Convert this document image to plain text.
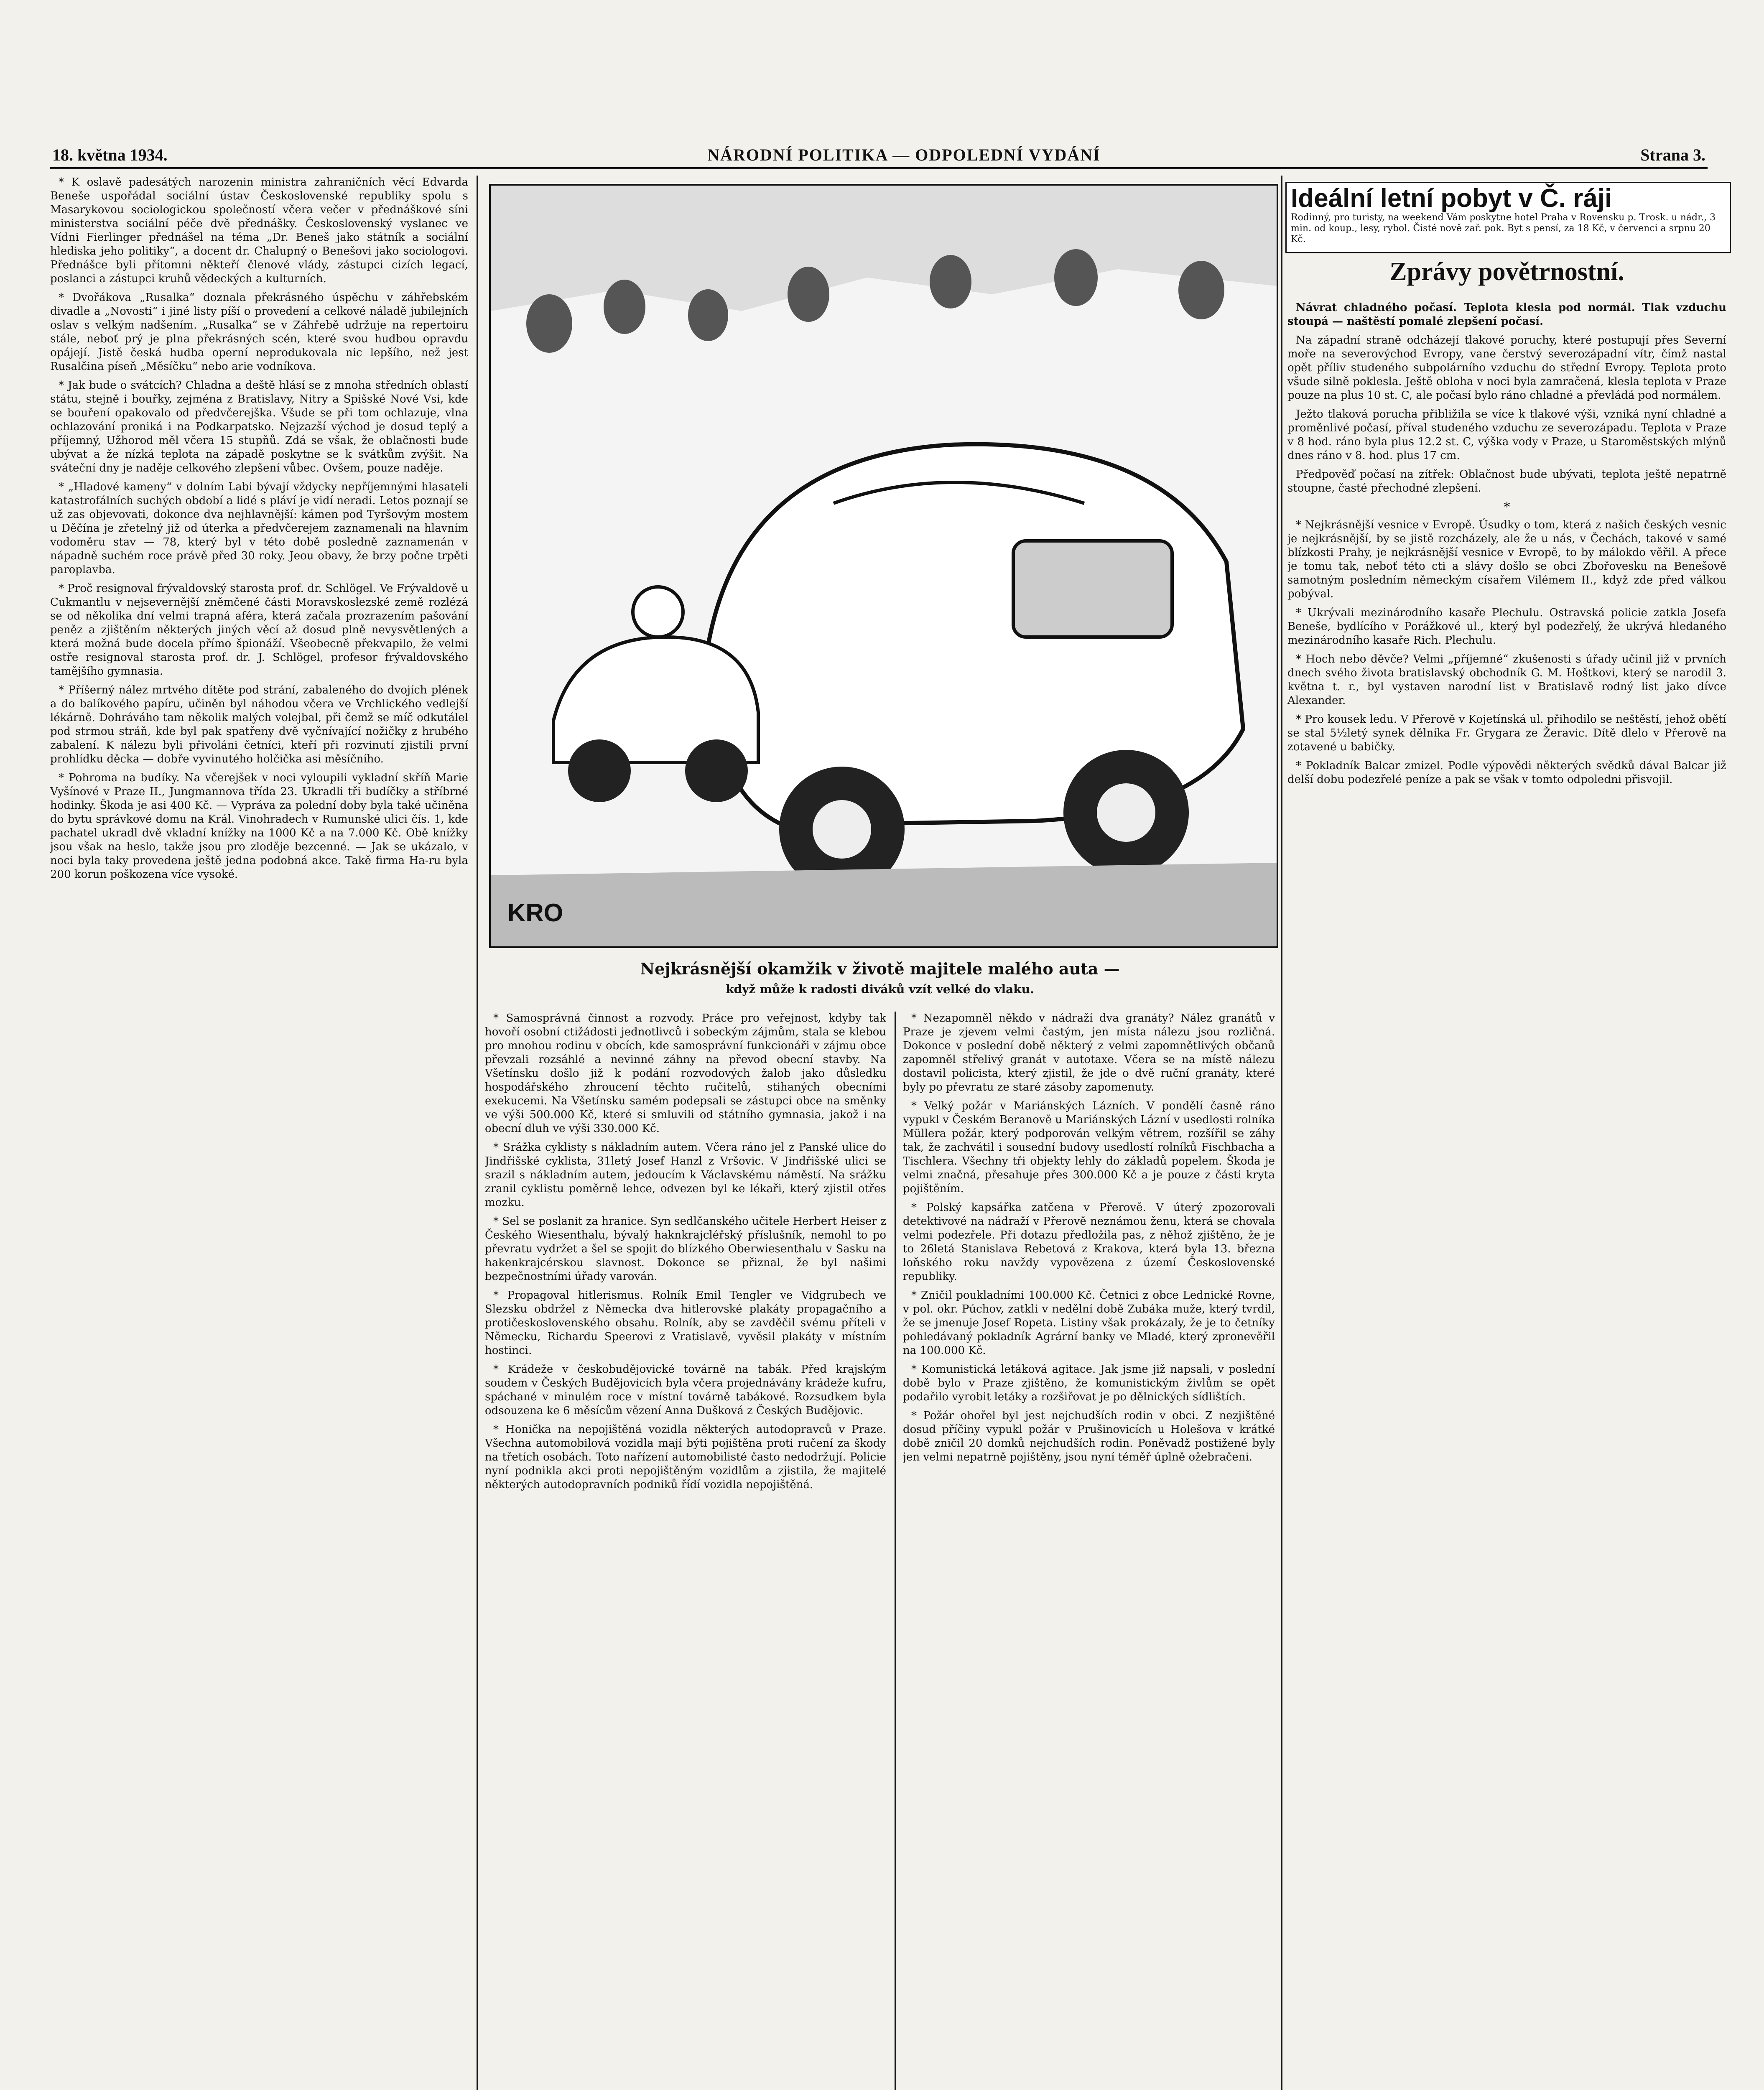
18. května 1934.	NÁRODNÍ POLITIKA — ODPOLEDNÍ VYDÁNÍ	Strana 3.

* K oslavě padesátých narozenin ministra zahraničních věcí Edvarda Beneše uspořádal sociální ústav Československé republiky spolu s Masarykovou sociologickou společností včera večer v přednáškové síni ministerstva sociální péče dvě přednášky. Československý vyslanec ve Vídni Fierlinger přednášel na téma „Dr. Beneš jako státník a sociální hlediska jeho politiky“, a docent dr. Chalupný o Benešovi jako sociologovi. Přednášce byli přítomni někteří členové vlády, zástupci cizích legací, poslanci a zástupci kruhů vědeckých a kulturních.

* Dvořákova „Rusalka“ doznala překrásného úspěchu v záhřebském divadle a „Novosti“ i jiné listy píší o provedení a celkové náladě jubilejních oslav s velkým nadšením. „Rusalka“ se v Záhřebě udržuje na repertoiru stále, neboť prý je plna překrásných scén, které svou hudbou opravdu opájejí. Jistě česká hudba operní neprodukovala nic lepšího, než jest Rusalčina píseň „Měsíčku“ nebo arie vodníkova.

* Jak bude o svátcích? Chladna a deště hlásí se z mnoha středních oblastí státu, stejně i bouřky, zejména z Bratislavy, Nitry a Spišské Nové Vsi, kde se bouření opakovalo od předvčerejška. Všude se při tom ochlazuje, vlna ochlazování proniká i na Podkarpatsko. Nejzazší východ je dosud teplý a příjemný, Užhorod měl včera 15 stupňů. Zdá se však, že oblačnosti bude ubývat a že nízká teplota na západě poskytne se k svátkům zvýšit. Na sváteční dny je naděje celkového zlepšení vůbec. Ovšem, pouze naděje.

* „Hladové kameny“ v dolním Labi bývají vždycky nepříjemnými hlasateli katastrofálních suchých období a lidé s pláví je vidí neradi. Letos poznají se už zas objevovati, dokonce dva nejhlavnější: kámen pod Tyršovým mostem u Děčína je zřetelný již od úterka a předvčerejem zaznamenali na hlavním vodoměru stav — 78, který byl v této době posledně zaznamenán v nápadně suchém roce právě před 30 roky. Jeou obavy, že brzy počne trpěti paroplavba.

* Proč resignoval frývaldovský starosta prof. dr. Schlögel. Ve Frývaldově u Cukmantlu v nejsevernější zněmčené části Moravskoslezské země rozlézá se od několika dní velmi trapná aféra, která začala prozrazením pašování peněz a zjištěním některých jiných věcí až dosud plně nevysvětlených a která možná bude docela přímo špionáží. Všeobecně překvapilo, že velmi ostře resignoval starosta prof. dr. J. Schlögel, profesor frývaldovského tamějšího gymnasia.

* Příšerný nález mrtvého dítěte pod strání, zabaleného do dvojích plének a do balíkového papíru, učiněn byl náhodou včera ve Vrchlického vedlejší lékárně. Dohráváho tam několik malých volejbal, při čemž se míč odkutálel pod strmou stráň, kde byl pak spatřeny dvě vyčnívající nožičky z hrubého zabalení. K nálezu byli přivoláni četníci, kteří při rozvinutí zjistili první prohlídku děcka — dobře vyvinutého holčička asi měsíčního.

* Pohroma na budíky. Na včerejšek v noci vyloupili vykladní skříň Marie Vyšínové v Praze II., Jungmannova třída 23. Ukradli tři budíčky a stříbrné hodinky. Škoda je asi 400 Kč. — Vypráva za polední doby byla také učiněna do bytu správkové domu na Král. Vinohradech v Rumunské ulici čís. 1, kde pachatel ukradl dvě vkladní knížky na 1000 Kč a na 7.000 Kč. Obě knížky jsou však na heslo, takže jsou pro zloděje bezcenné. — Jak se ukázalo, v noci byla taky provedena ještě jedna podobná akce. Takě firma Ha-ru byla 200 korun poškozena více vysoké.

KRO
Nejkrásnější okamžik v životě majitele malého auta —
když může k radosti diváků vzít velké do vlaku.

* Samosprávná činnost a rozvody. Práce pro veřejnost, kdyby tak hovoří osobní ctižádosti jednotlivců i sobeckým zájmům, stala se klebou pro mnohou rodinu v obcích, kde samosprávní funkcionáři v zájmu obce převzali rozsáhlé a nevinné záhny na převod obecní stavby. Na Všetínsku došlo již k podání rozvodových žalob jako důsledku hospodářského zhroucení těchto ručitelů, stihaných obecními exekucemi. Na Všetínsku samém podepsali se zástupci obce na směnky ve výši 500.000 Kč, které si smluvili od státního gymnasia, jakož i na obecní dluh ve výši 330.000 Kč.

* Srážka cyklisty s nákladním autem. Včera ráno jel z Panské ulice do Jindřišské cyklista, 31letý Josef Hanzl z Vršovic. V Jindřišské ulici se srazil s nákladním autem, jedoucím k Václavskému náměstí. Na srážku zranil cyklistu poměrně lehce, odvezen byl ke lékaři, který zjistil otřes mozku.

* Sel se poslanit za hranice. Syn sedlčanského učitele Herbert Heiser z Českého Wiesenthalu, bývalý haknkrajcléřský příslušník, nemohl to po převratu vydržet a šel se spojit do blízkého Oberwiesenthalu v Sasku na hakenkrajcérskou slavnost. Dokonce se přiznal, že byl našimi bezpečnostními úřady varován.

* Propagoval hitlerismus. Rolník Emil Tengler ve Vidgrubech ve Slezsku obdržel z Německa dva hitlerovské plakáty propagačního a protičeskoslovenského obsahu. Rolník, aby se zavděčil svému příteli v Německu, Richardu Speerovi z Vratislavě, vyvěsil plakáty v místním hostinci.

* Krádeže v českobudějovické továrně na tabák. Před krajským soudem v Českých Budějovicích byla včera projednávány krádeže kufru, spáchané v minulém roce v místní továrně tabákové. Rozsudkem byla odsouzena ke 6 měsícům vězení Anna Dušková z Českých Budějovic.

* Honička na nepojištěná vozidla některých autodopravců v Praze. Všechna automobilová vozidla mají býti pojištěna proti ručení za škody na třetích osobách. Toto nařízení automobilisté často nedodržují. Policie nyní podnikla akci proti nepojištěným vozidlům a zjistila, že majitelé některých autodopravních podniků řídí vozidla nepojištěná.

* Nezapomněl někdo v nádraží dva granáty? Nález granátů v Praze je zjevem velmi častým, jen místa nálezu jsou rozličná. Dokonce v poslední době některý z velmi zapomnětlivých občanů zapomněl střelivý granát v autotaxe. Včera se na místě nálezu dostavil policista, který zjistil, že jde o dvě ruční granáty, které byly po převratu ze staré zásoby zapomenuty.

* Velký požár v Mariánských Lázních. V pondělí časně ráno vypukl v Českém Beranově u Mariánských Lázní v usedlosti rolníka Müllera požár, který podporován velkým větrem, rozšířil se záhy tak, že zachvátil i sousední budovy usedlostí rolníků Fischbacha a Tischlera. Všechny tři objekty lehly do základů popelem. Škoda je velmi značná, přesahuje přes 300.000 Kč a je pouze z části kryta pojištěním.

* Polský kapsářka zatčena v Přerově. V úterý zpozorovali detektivové na nádraží v Přerově neznámou ženu, která se chovala velmi podezřele. Při dotazu předložila pas, z něhož zjištěno, že je to 26letá Stanislava Rebetová z Krakova, která byla 13. března loňského roku navždy vypovězena z území Československé republiky.

* Zničil poukladními 100.000 Kč. Četnici z obce Lednické Rovne, v pol. okr. Púchov, zatkli v nedělní době Zubáka muže, který tvrdil, že se jmenuje Josef Ropeta. Listiny však prokázaly, že je to četníky pohledávaný pokladník Agrární banky ve Mladé, který zpronevěřil na 100.000 Kč.

* Komunistická letáková agitace. Jak jsme již napsali, v poslední době bylo v Praze zjištěno, že komunistickým živlům se opět podařilo vyrobit letáky a rozšiřovat je po dělnických sídlištích.

* Požár ohořel byl jest nejchudších rodin v obci. Z nezjištěné dosud příčiny vypukl požár v Prušinovicích u Holešova v krátké době zničil 20 domků nejchudších rodin. Poněvadž postižené byly jen velmi nepatrně pojištěny, jsou nyní téměř úplně ožebračeni.

Ideální letní pobyt v Č. ráji
Rodinný, pro turisty, na weekend Vám poskytne hotel Praha v Rovensku p. Trosk. u nádr., 3 min. od koup., lesy, rybol. Čisté nově zař. pok. Byt s pensí, za 18 Kč, v červenci a srpnu 20 Kč.
Zprávy povětrnostní.

Návrat chladného počasí. Teplota klesla pod normál. Tlak vzduchu stoupá — naštěstí pomalé zlepšení počasí.

Na západní straně odcházejí tlakové poruchy, které postupují přes Severní moře na severovýchod Evropy, vane čerstvý severozápadní vítr, čímž nastal opět příliv studeného subpolárního vzduchu do střední Evropy. Teplota proto všude silně poklesla. Ještě obloha v noci byla zamračená, klesla teplota v Praze pouze na plus 10 st. C, ale počasí bylo ráno chladné a převládá pod normálem.

Ježto tlaková porucha přibližila se více k tlakové výši, vzniká nyní chladné a proměnlivé počasí, příval studeného vzduchu ze severozápadu. Teplota v Praze v 8 hod. ráno byla plus 12.2 st. C, výška vody v Praze, u Staroměstských mlýnů dnes ráno v 8. hod. plus 17 cm.

Předpověď počasí na zítřek: Oblačnost bude ubývati, teplota ještě nepatrně stoupne, časté přechodné zlepšení.

*

* Nejkrásnější vesnice v Evropě. Úsudky o tom, která z našich českých vesnic je nejkrásnější, by se jistě rozcházely, ale že u nás, v Čechách, takové v samé blízkosti Prahy, je nejkrásnější vesnice v Evropě, to by málokdo věřil. A přece je tomu tak, neboť této cti a slávy došlo se obci Zbořovesku na Benešově samotným posledním německým císařem Vilémem II., když zde před válkou pobýval.

* Ukrývali mezinárodního kasaře Plechulu. Ostravská policie zatkla Josefa Beneše, bydlícího v Porážkové ul., který byl podezřelý, že ukrývá hledaného mezinárodního kasaře Rich. Plechulu.

* Hoch nebo děvče? Velmi „příjemné“ zkušenosti s úřady učinil již v prvních dnech svého života bratislavský obchodník G. M. Hoštkovi, který se narodil 3. května t. r., byl vystaven narodní list v Bratislavě rodný list jako dívce Alexander.

* Pro kousek ledu. V Přerově v Kojetínská ul. přihodilo se neštěstí, jehož obětí se stal 5½letý synek dělníka Fr. Grygara ze Žeravic. Dítě dlelo v Přerově na zotavené u babičky.

* Pokladník Balcar zmizel. Podle výpovědi některých svědků dával Balcar již delší dobu podezřelé peníze a pak se však v tomto odpoledni přisvojil.
